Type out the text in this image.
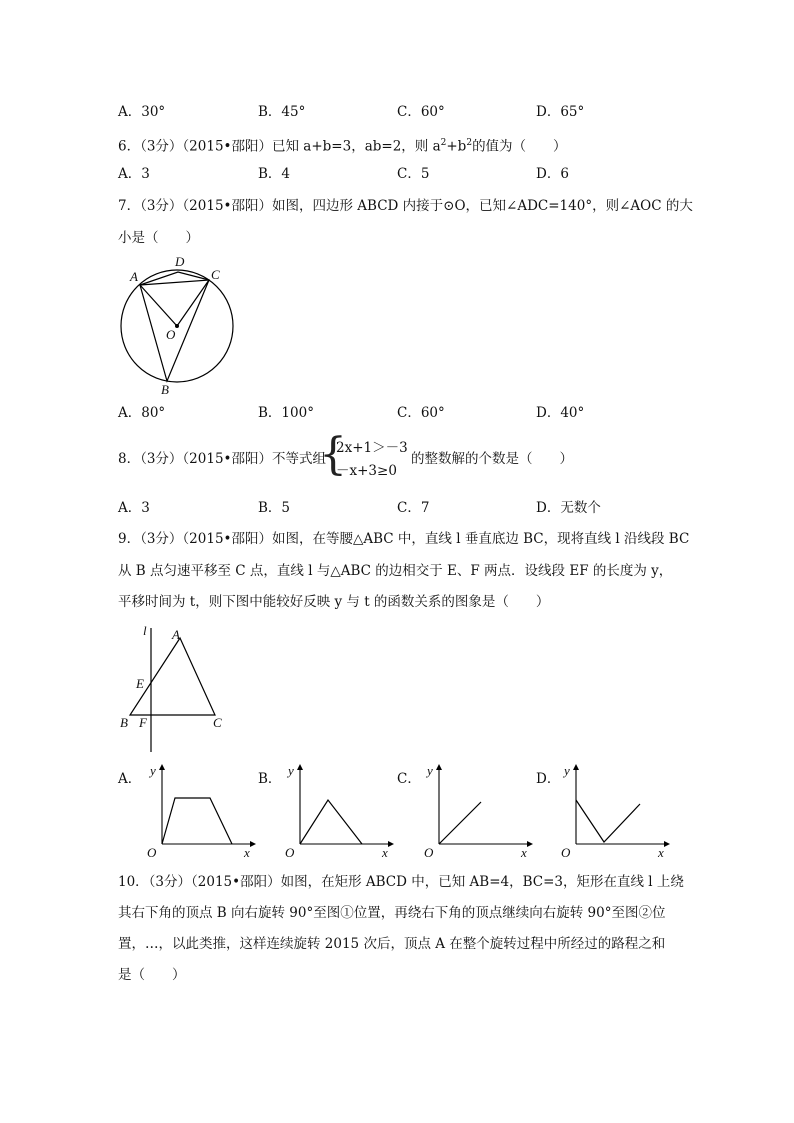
A．30°	B．45°	C．60°	D．65°
6．（3分）（2015•邵阳）已知 a+b=3，ab=2，则 $a^2+b^2$的值为（　　）
A．3	B．4	C．5	D．6
7．（3分）（2015•邵阳）如图，四边形 ABCD 内接于⊙O，已知∠ADC=140°，则∠AOC 的大
小是（　　）
A
D
C
O
B
A．80°	B．100°	C．60°	D．40°
8．（3分）（2015•邵阳）不等式组
{
2x+1＞－3
－x+3≥0
的整数解的个数是（　　）
A．3	B．5	C．7	D．无数个
9．（3分）（2015•邵阳）如图，在等腰△ABC 中，直线 l 垂直底边 BC，现将直线 l 沿线段 BC
从 B 点匀速平移至 C 点，直线 l 与△ABC 的边相交于 E、F 两点．设线段 EF 的长度为 y，
平移时间为 t，则下图中能较好反映 y 与 t 的函数关系的图象是（　　）
l A
E
B F	C
A．
y
O	x
B．
y
O	x
C．
y
O	x
D．
y
O	x
10．（3分）（2015•邵阳）如图，在矩形 ABCD 中，已知 AB=4，BC=3，矩形在直线 l 上绕
其右下角的顶点 B 向右旋转 90°至图①位置，再绕右下角的顶点继续向右旋转 90°至图②位
置，…，以此类推，这样连续旋转 2015 次后，顶点 A 在整个旋转过程中所经过的路程之和
是（　　）
